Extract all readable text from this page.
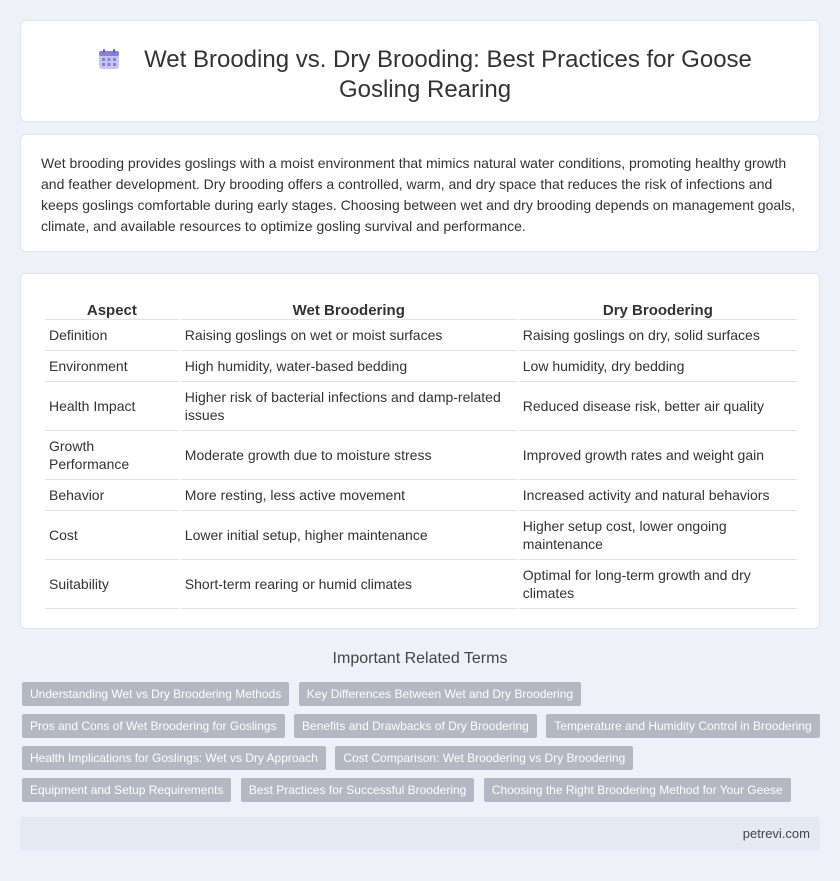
Wet Brooding vs. Dry Brooding: Best Practices for Goose Gosling Rearing

Wet brooding provides goslings with a moist environment that mimics natural water conditions, promoting healthy growth and feather development. Dry brooding offers a controlled, warm, and dry space that reduces the risk of infections and keeps goslings comfortable during early stages. Choosing between wet and dry brooding depends on management goals, climate, and available resources to optimize gosling survival and performance.

Aspect	Wet Broodering	Dry Broodering
Definition	Raising goslings on wet or moist surfaces	Raising goslings on dry, solid surfaces
Environment	High humidity, water-based bedding	Low humidity, dry bedding
Health Impact	Higher risk of bacterial infections and damp-related issues	Reduced disease risk, better air quality
Growth Performance	Moderate growth due to moisture stress	Improved growth rates and weight gain
Behavior	More resting, less active movement	Increased activity and natural behaviors
Cost	Lower initial setup, higher maintenance	Higher setup cost, lower ongoing maintenance
Suitability	Short-term rearing or humid climates	Optimal for long-term growth and dry climates
Important Related Terms
Understanding Wet vs Dry Broodering Methods Key Differences Between Wet and Dry Broodering
Pros and Cons of Wet Broodering for Goslings Benefits and Drawbacks of Dry Broodering Temperature and Humidity Control in Broodering
Health Implications for Goslings: Wet vs Dry Approach Cost Comparison: Wet Broodering vs Dry Broodering
Equipment and Setup Requirements Best Practices for Successful Broodering Choosing the Right Broodering Method for Your Geese
petrevi.com
